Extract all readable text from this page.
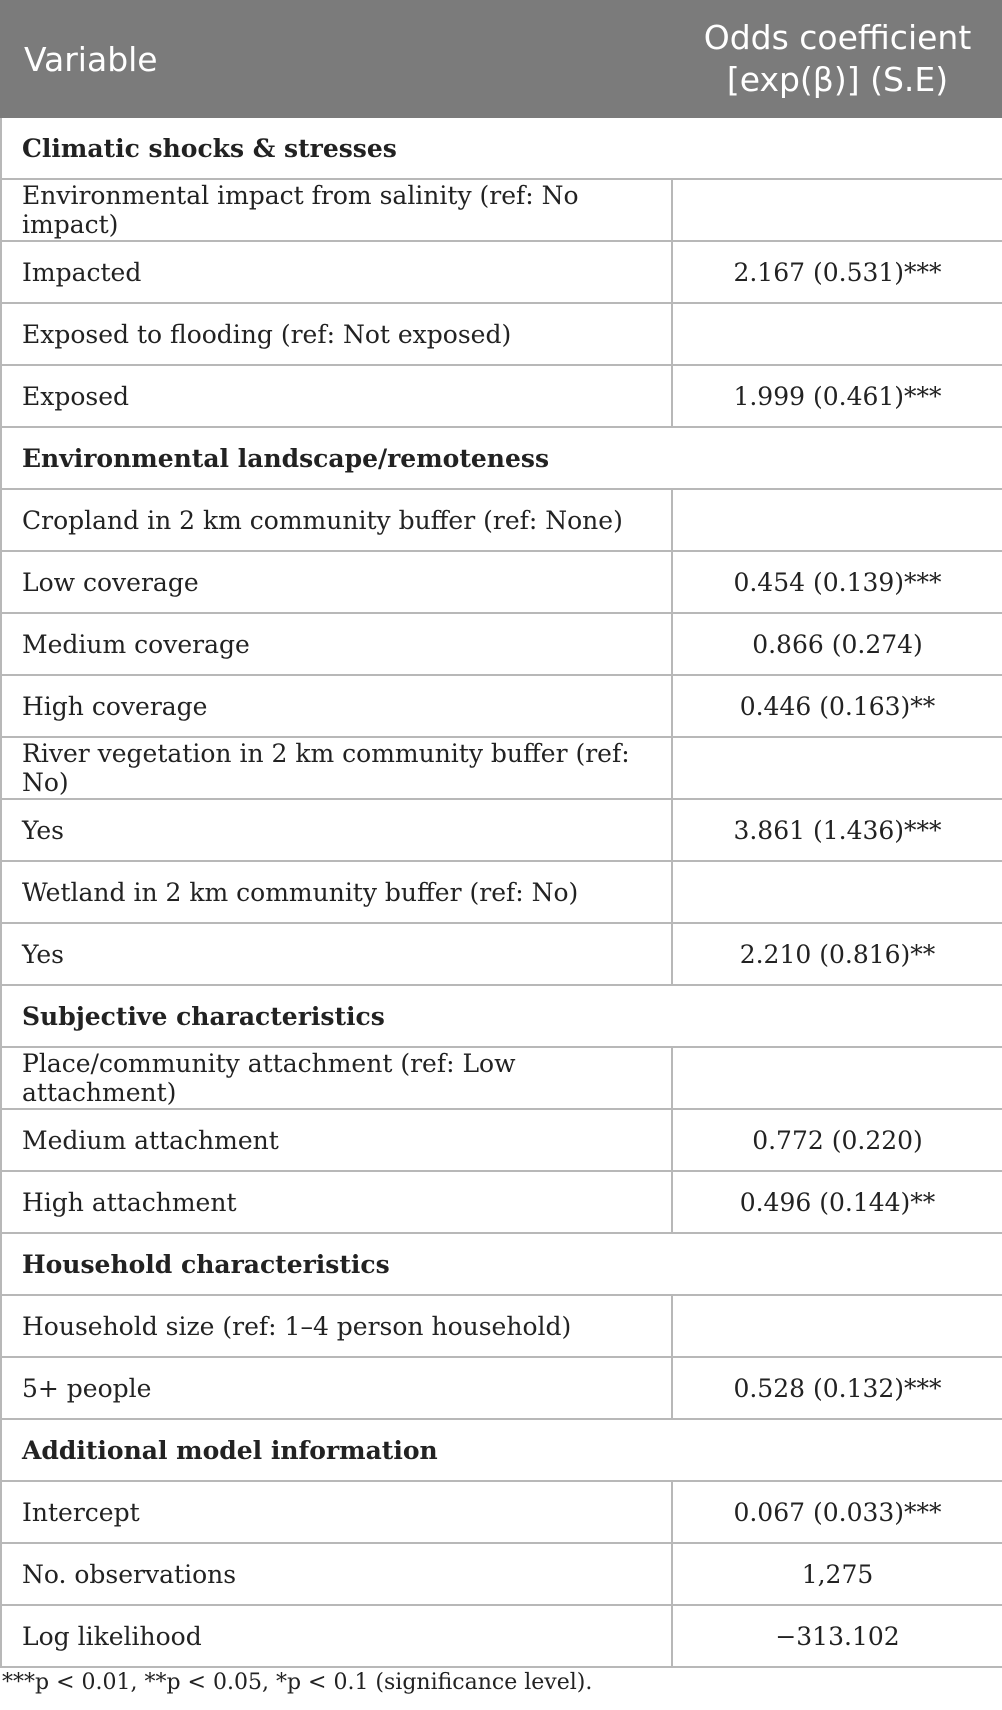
Variable	Odds coefficient
[exp(β)] (S.E)

Climatic shocks & stresses	
Environmental impact from salinity (ref: No impact)	
Impacted	2.167 (0.531)***
Exposed to flooding (ref: Not exposed)	
Exposed	1.999 (0.461)***
Environmental landscape/remoteness	
Cropland in 2 km community buffer (ref: None)	
Low coverage	0.454 (0.139)***
Medium coverage	0.866 (0.274)
High coverage	0.446 (0.163)**
River vegetation in 2 km community buffer (ref: No)	
Yes	3.861 (1.436)***
Wetland in 2 km community buffer (ref: No)	
Yes	2.210 (0.816)**
Subjective characteristics	
Place/community attachment (ref: Low attachment)	
Medium attachment	0.772 (0.220)
High attachment	0.496 (0.144)**
Household characteristics	
Household size (ref: 1–4 person household)	
5+ people	0.528 (0.132)***
Additional model information	
Intercept	0.067 (0.033)***
No. observations	1,275
Log likelihood	−313.102
***p < 0.01, **p < 0.05, *p < 0.1 (significance level).
